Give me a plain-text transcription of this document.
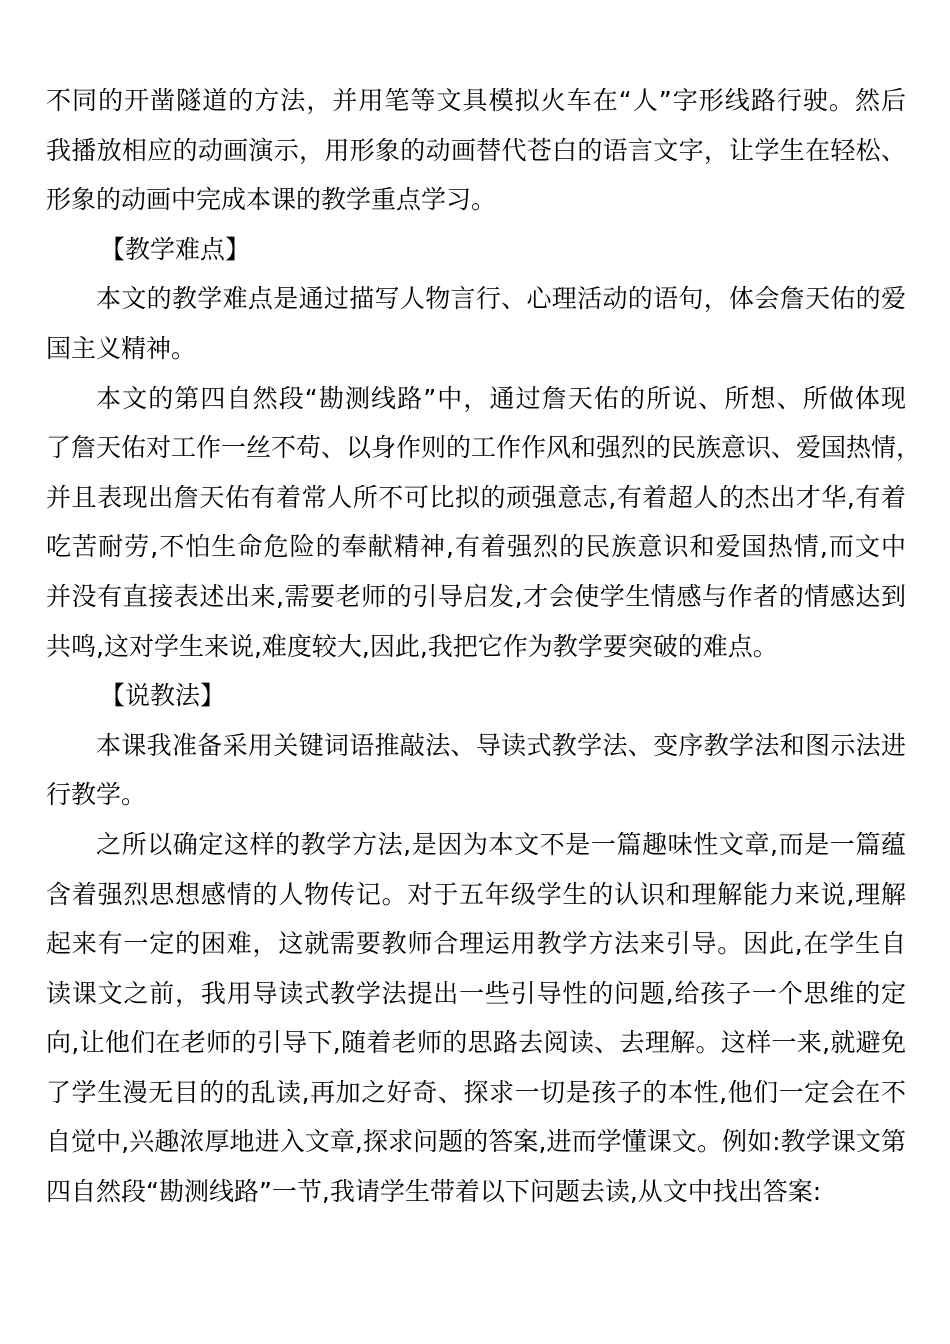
不同的开凿隧道的方法，并用笔等文具模拟火车在“人”字形线路行驶。然后
我播放相应的动画演示，用形象的动画替代苍白的语言文字，让学生在轻松、
形象的动画中完成本课的教学重点学习。
【教学难点】
本文的教学难点是通过描写人物言行、心理活动的语句，体会詹天佑的爱
国主义精神。
本文的第四自然段“勘测线路”中，通过詹天佑的所说、所想、所做体现
了詹天佑对工作一丝不苟、以身作则的工作作风和强烈的民族意识、爱国热情，
并且表现出詹天佑有着常人所不可比拟的顽强意志,有着超人的杰出才华,有着
吃苦耐劳,不怕生命危险的奉献精神,有着强烈的民族意识和爱国热情,而文中
并没有直接表述出来,需要老师的引导启发,才会使学生情感与作者的情感达到
共鸣,这对学生来说,难度较大,因此,我把它作为教学要突破的难点。
【说教法】
本课我准备采用关键词语推敲法、导读式教学法、变序教学法和图示法进
行教学。
之所以确定这样的教学方法,是因为本文不是一篇趣味性文章,而是一篇蕴
含着强烈思想感情的人物传记。对于五年级学生的认识和理解能力来说,理解
起来有一定的困难，这就需要教师合理运用教学方法来引导。因此,在学生自
读课文之前，我用导读式教学法提出一些引导性的问题,给孩子一个思维的定
向,让他们在老师的引导下,随着老师的思路去阅读、去理解。这样一来,就避免
了学生漫无目的的乱读,再加之好奇、探求一切是孩子的本性,他们一定会在不
自觉中,兴趣浓厚地进入文章,探求问题的答案,进而学懂课文。例如:教学课文第
四自然段“勘测线路”一节,我请学生带着以下问题去读,从文中找出答案:
